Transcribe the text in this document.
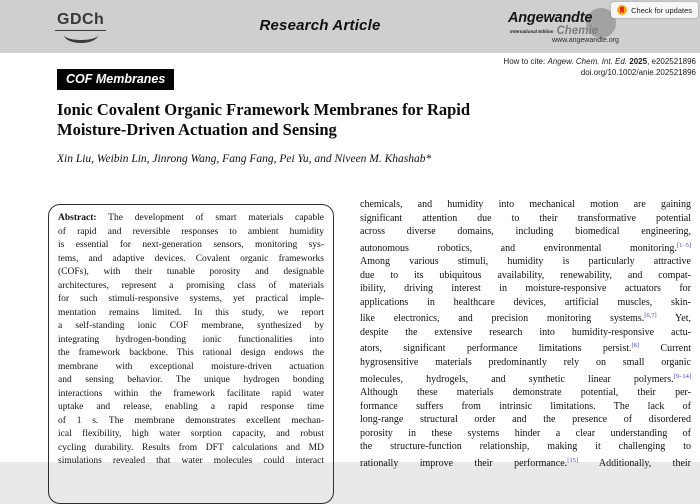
GDCh	Research Article	Angewandte
International Edition Chemie
www.angewandte.org
Check for updates
How to cite: Angew. Chem. Int. Ed. 2025, e202521896
doi.org/10.1002/anie.202521896
COF Membranes
Ionic Covalent Organic Framework Membranes for Rapid
Moisture-Driven Actuation and Sensing
Xin Liu, Weibin Lin, Jinrong Wang, Fang Fang, Pei Yu, and Niveen M. Khashab*
Abstract: The development of smart materials capable
of rapid and reversible responses to ambient humidity
is essential for next-generation sensors, monitoring sys-
tems, and adaptive devices. Covalent organic frameworks
(COFs), with their tunable porosity and designable
architectures, represent a promising class of materials
for such stimuli-responsive systems, yet practical imple-
mentation remains limited. In this study, we report
a self-standing ionic COF membrane, synthesized by
integrating hydrogen-bonding ionic functionalities into
the framework backbone. This rational design endows the
membrane with exceptional moisture-driven actuation
and sensing behavior. The unique hydrogen bonding
interactions within the framework facilitate rapid water
uptake and release, enabling a rapid response time
of 1 s. The membrane demonstrates excellent mechan-
ical flexibility, high water sorption capacity, and robust
cycling durability. Results from DFT calculations and MD
simulations revealed that water molecules could interact
chemicals, and humidity into mechanical motion are gaining
significant attention due to their transformative potential
across diverse domains, including biomedical engineering,
autonomous robotics, and environmental monitoring.[1–5]
Among various stimuli, humidity is particularly attractive
due to its ubiquitous availability, renewability, and compat-
ibility, driving interest in moisture-responsive actuators for
applications in healthcare devices, artificial muscles, skin-
like electronics, and precision monitoring systems.[6,7] Yet,
despite the extensive research into humidity-responsive actu-
ators, significant performance limitations persist.[8] Current
hygrosensitive materials predominantly rely on small organic
molecules, hydrogels, and synthetic linear polymers.[9–14]
Although these materials demonstrate potential, their per-
formance suffers from intrinsic limitations. The lack of
long-range structural order and the presence of disordered
porosity in these systems hinder a clear understanding of
the structure-function relationship, making it challenging to
rationally improve their performance.[15] Additionally, their
